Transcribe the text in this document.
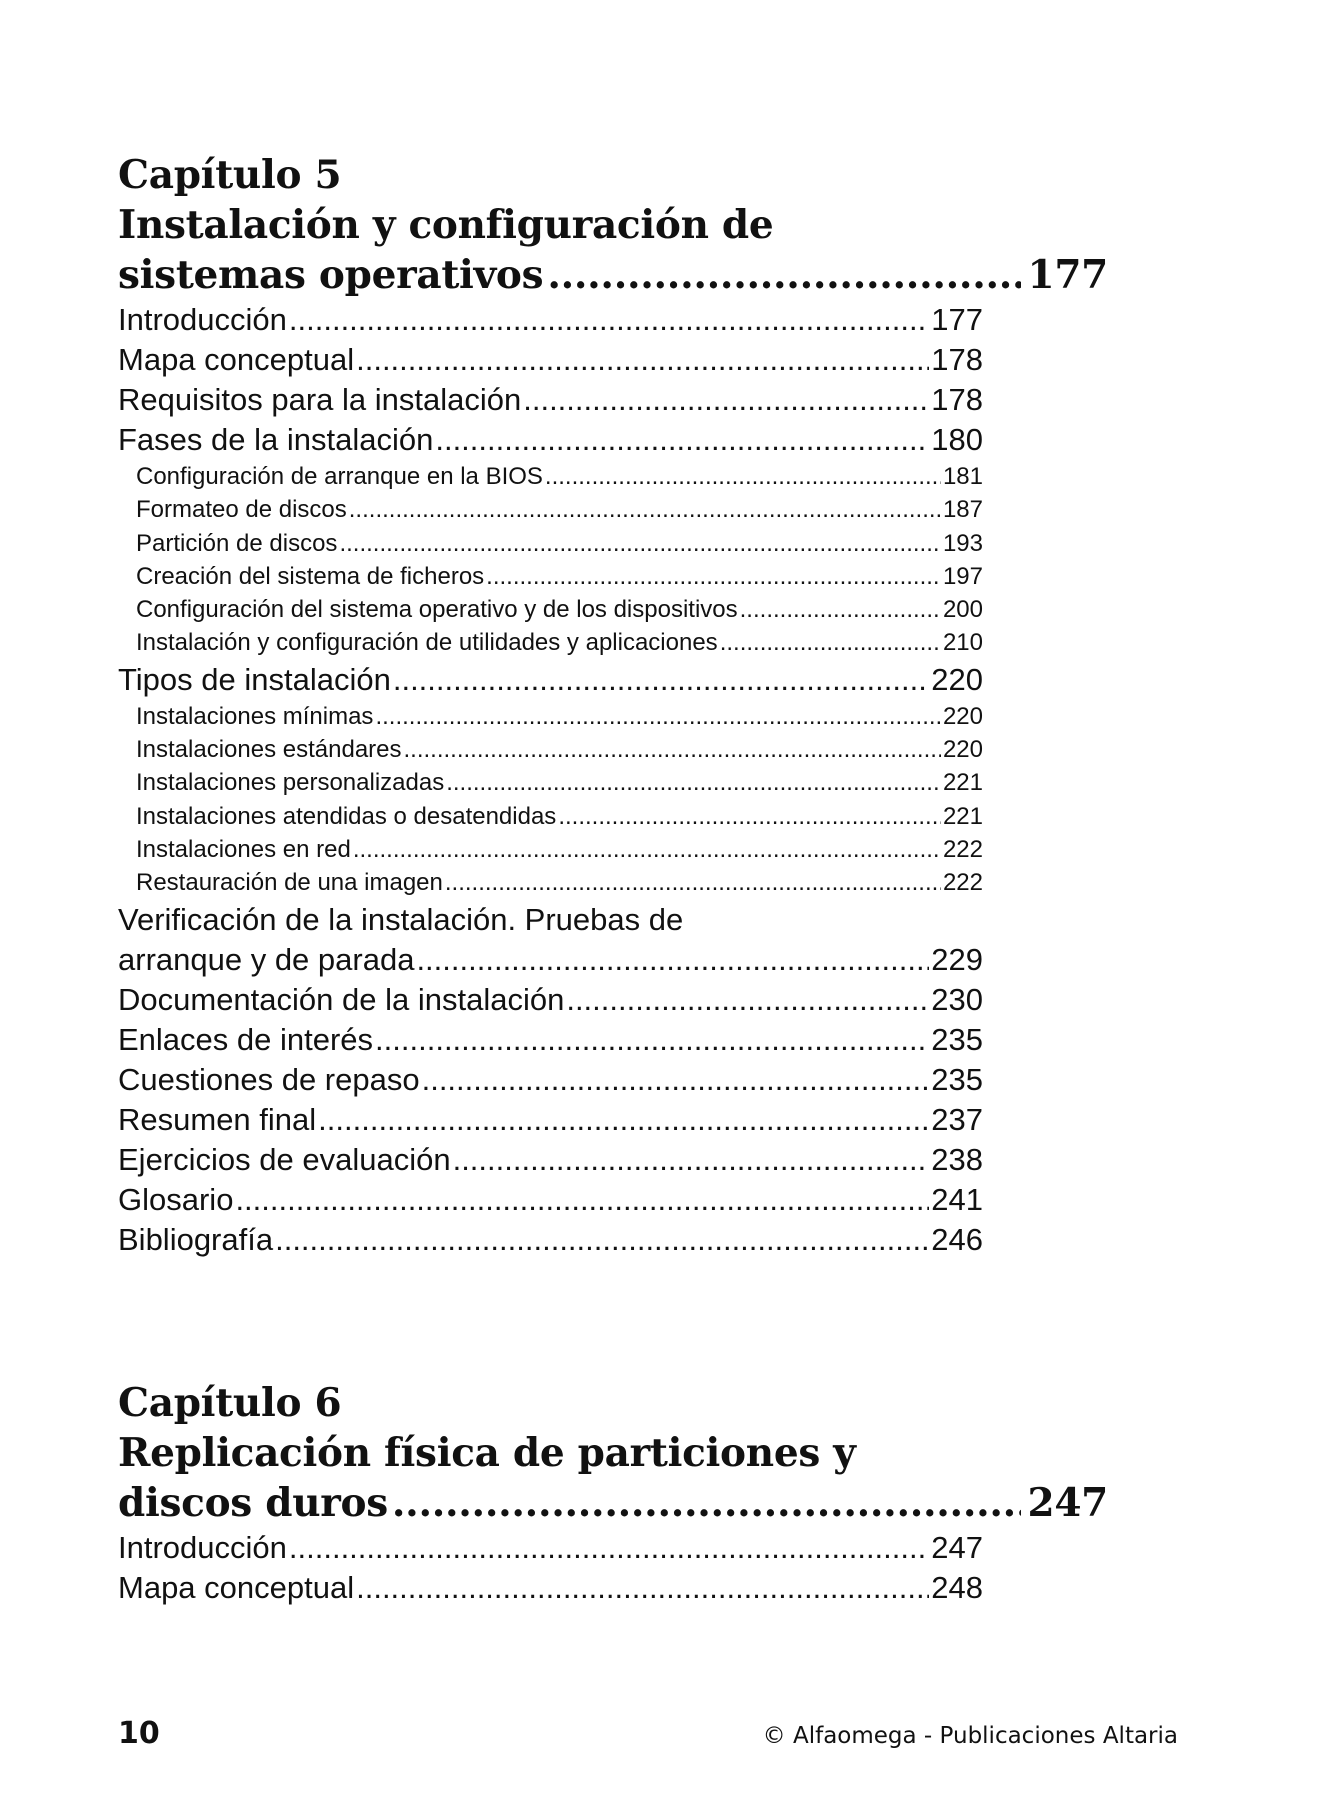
Capítulo 5
Instalación y configuración de
sistemas operativos .....	177
Introducción .....	177
Mapa conceptual .....	178
Requisitos para la instalación .....	178
Fases de la instalación .....	180
Configuración de arranque en la BIOS .....	181
Formateo de discos .....	187
Partición de discos .....	193
Creación del sistema de ficheros .....	197
Configuración del sistema operativo y de los dispositivos .....	200
Instalación y configuración de utilidades y aplicaciones .....	210
Tipos de instalación .....	220
Instalaciones mínimas .....	220
Instalaciones estándares .....	220
Instalaciones personalizadas .....	221
Instalaciones atendidas o desatendidas .....	221
Instalaciones en red .....	222
Restauración de una imagen .....	222
Verificación de la instalación. Pruebas de
arranque y de parada .....	229
Documentación de la instalación .....	230
Enlaces de interés .....	235
Cuestiones de repaso .....	235
Resumen final .....	237
Ejercicios de evaluación .....	238
Glosario .....	241
Bibliografía .....	246
Capítulo 6
Replicación física de particiones y
discos duros .....	247
Introducción .....	247
Mapa conceptual .....	248
10	© Alfaomega - Publicaciones Altaria
